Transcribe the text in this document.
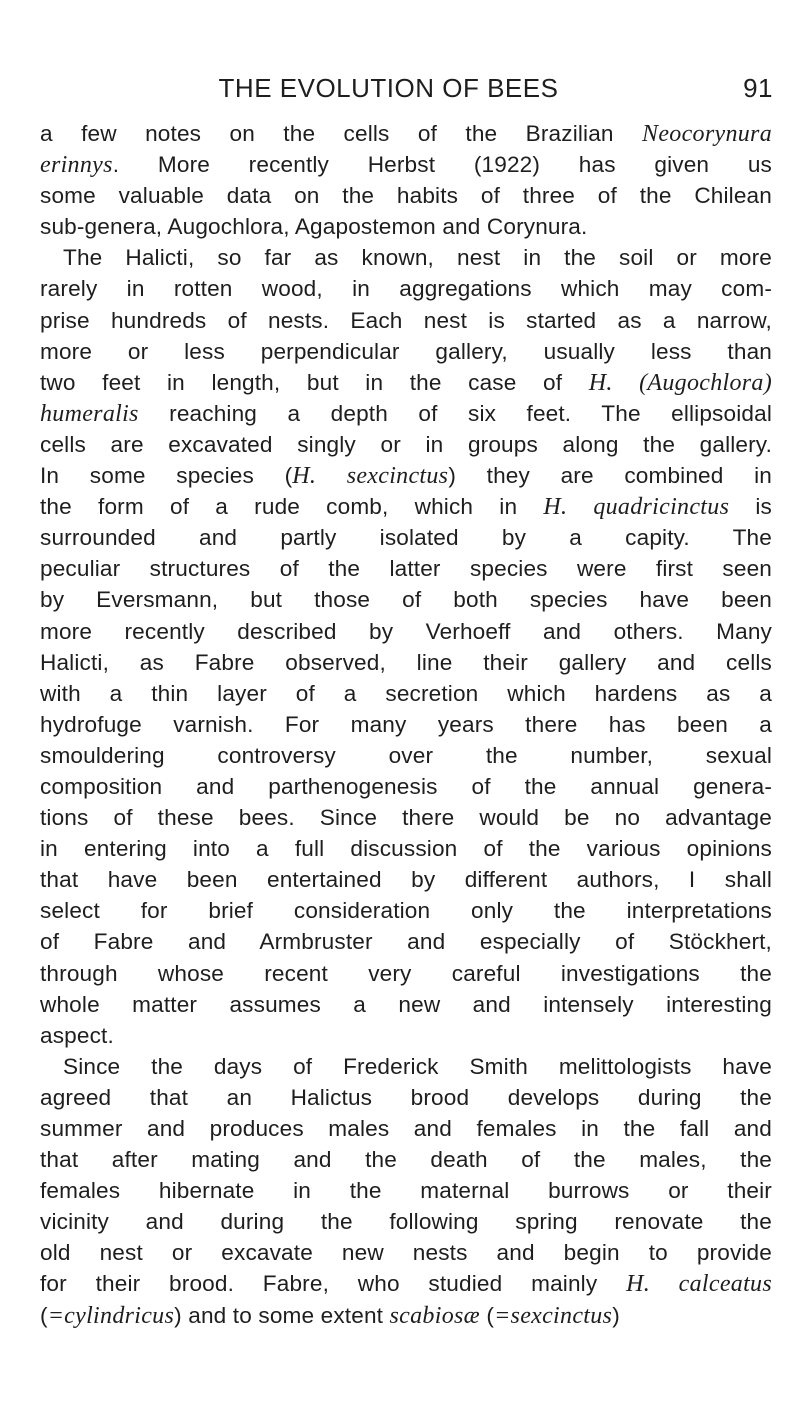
THE EVOLUTION OF BEES	91
a few notes on the cells of the Brazilian Neocorynura
erinnys. More recently Herbst (1922) has given us
some valuable data on the habits of three of the Chilean
sub-genera, Augochlora, Agapostemon and Corynura.
The Halicti, so far as known, nest in the soil or more
rarely in rotten wood, in aggregations which may com-
prise hundreds of nests. Each nest is started as a narrow,
more or less perpendicular gallery, usually less than
two feet in length, but in the case of H. (Augochlora)
humeralis reaching a depth of six feet. The ellipsoidal
cells are excavated singly or in groups along the gallery.
In some species (H. sexcinctus) they are combined in
the form of a rude comb, which in H. quadricinctus is
surrounded and partly isolated by a capity. The
peculiar structures of the latter species were first seen
by Eversmann, but those of both species have been
more recently described by Verhoeff and others. Many
Halicti, as Fabre observed, line their gallery and cells
with a thin layer of a secretion which hardens as a
hydrofuge varnish. For many years there has been a
smouldering controversy over the number, sexual
composition and parthenogenesis of the annual genera-
tions of these bees. Since there would be no advantage
in entering into a full discussion of the various opinions
that have been entertained by different authors, I shall
select for brief consideration only the interpretations
of Fabre and Armbruster and especially of Stöckhert,
through whose recent very careful investigations the
whole matter assumes a new and intensely interesting
aspect.
Since the days of Frederick Smith melittologists have
agreed that an Halictus brood develops during the
summer and produces males and females in the fall and
that after mating and the death of the males, the
females hibernate in the maternal burrows or their
vicinity and during the following spring renovate the
old nest or excavate new nests and begin to provide
for their brood. Fabre, who studied mainly H. calceatus
(=cylindricus) and to some extent scabiosæ (=sexcinctus)
